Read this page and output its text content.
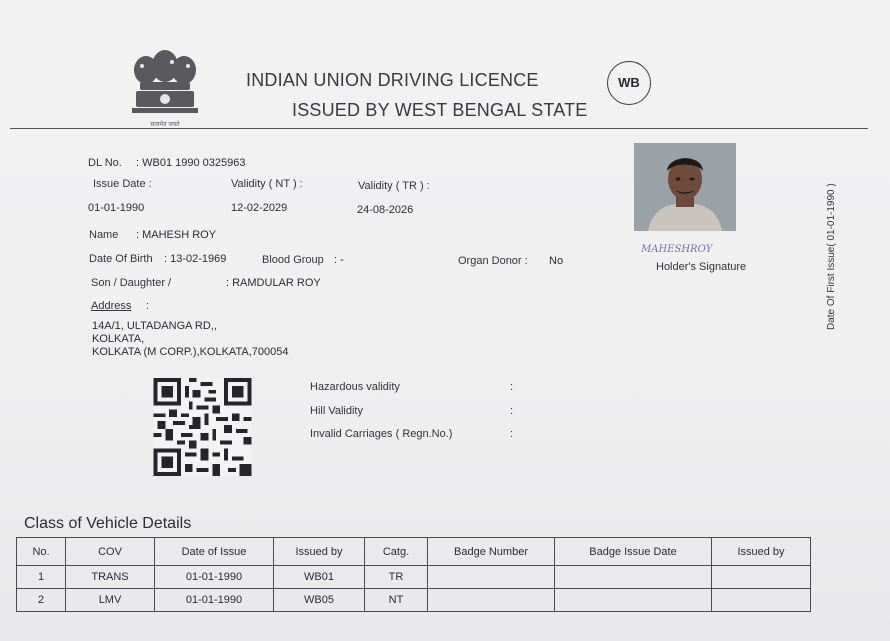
सत्यमेव जयते
INDIAN UNION DRIVING LICENCE
ISSUED BY WEST BENGAL STATE
WB
DL No. : WB01 1990 0325963
Issue Date :	Validity ( NT ) :	Validity ( TR ) :
01-01-1990	12-02-2029	24-08-2026
Name : MAHESH ROY
Date Of Birth : 13-02-1969	Blood Group : -	Organ Donor : No
Son / Daughter /	: RAMDULAR ROY
Address :
14A/1, ULTADANGA RD,,
KOLKATA,
KOLKATA (M CORP.),KOLKATA,700054
MAHESHROY
Holder's Signature	Date Of First Issue( 01-01-1990 )
Hazardous validity	:
Hill Validity	:
Invalid Carriages ( Regn.No.)	:
Class of Vehicle Details
No.	COV	Date of Issue	Issued by	Catg.	Badge Number	Badge Issue Date	Issued by
1	TRANS	01-01-1990	WB01	TR			
2	LMV	01-01-1990	WB05	NT			
